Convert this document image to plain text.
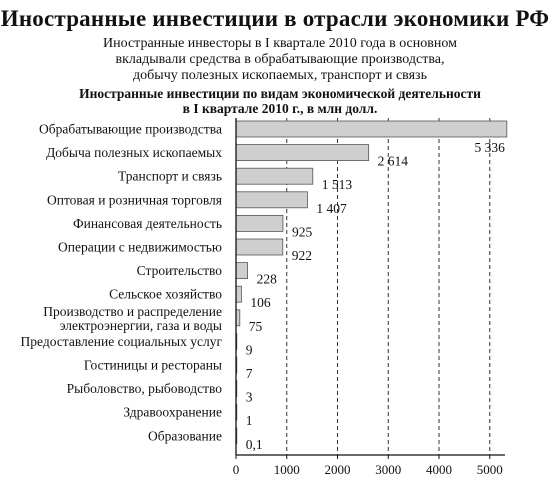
Иностранные инвестиции в отрасли экономики РФ
Иностранные инвесторы в I квартале 2010 года в основном
вкладывали средства в обрабатывающие производства,
добычу полезных ископаемых, транспорт и связь
Иностранные инвестиции по видам экономической деятельности
в I квартале 2010 г., в млн долл.
Обрабатывающие производства
5 336
Добыча полезных ископаемых
2 614
Транспорт и связь
1 513
Оптовая и розничная торговля
1 407
Финансовая деятельность
925
Операции с недвижимостью
922
Строительство
228
Сельское хозяйство
106
Производство и распределение электроэнергии, газа и воды 75
Предоставление социальных услуг
9
Гостиницы и рестораны
7
Рыболовство, рыбоводство
3
Здравоохранение
1
Образование
0,1
0	1000 2000 3000 4000 5000
